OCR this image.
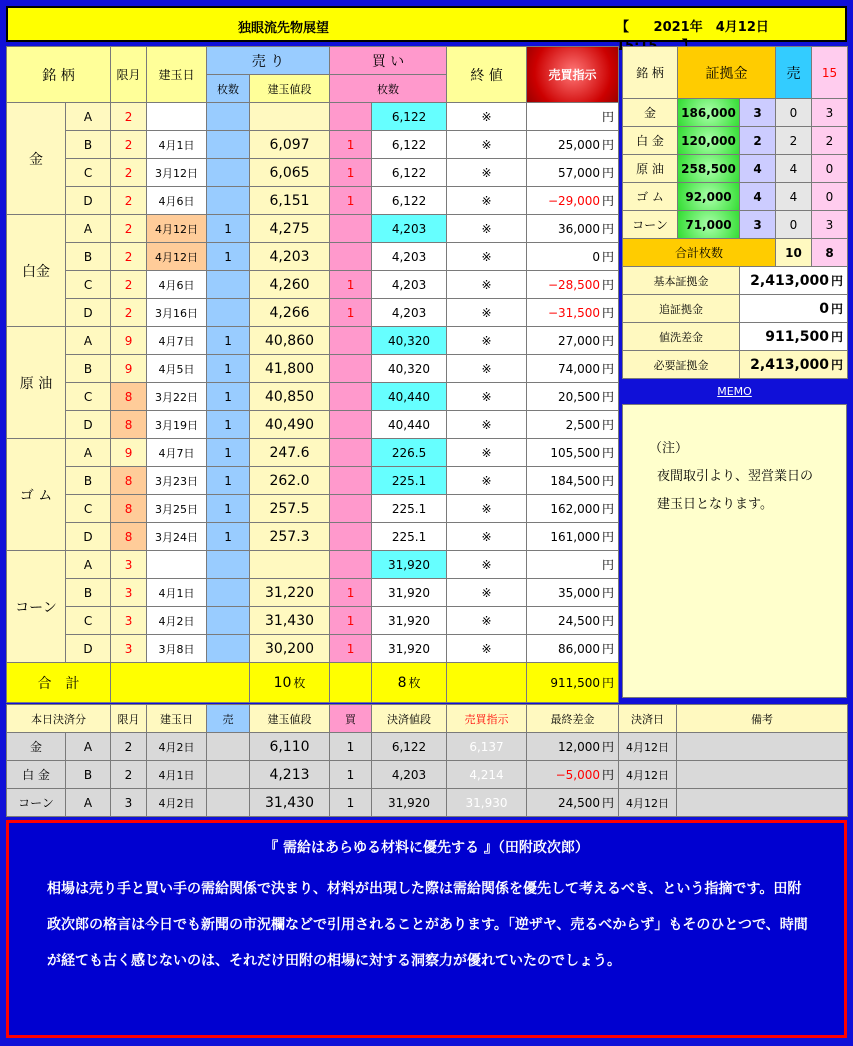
独眼流先物展望	【 2021年　4月12日　　
銘 柄		限月	建玉日	売 り		買 い		終 値	売買指示	
				枚数	建玉値段	枚数				
金	A	2					6,122	※	円	
	B	2	4月1日		6,097	1	6,122	※	25,000 円	
	C	2	3月12日		6,065	1	6,122	※	57,000 円	
	D	2	4月6日		6,151	1	6,122	※	−29,000 円	
白金	A	2	4月12日	1	4,275		4,203	※	36,000 円	
	B	2	4月12日	1	4,203		4,203	※	0 円	
	C	2	4月6日		4,260	1	4,203	※	−28,500 円	
	D	2	3月16日		4,266	1	4,203	※	−31,500 円	
原 油	A	9	4月7日	1	40,860		40,320	※	27,000 円	
	B	9	4月5日	1	41,800		40,320	※	74,000 円	
	C	8	3月22日	1	40,850		40,440	※	20,500 円	
	D	8	3月19日	1	40,490		40,440	※	2,500 円	
ゴ ム	A	9	4月7日	1	247.6		226.5	※	105,500 円	
	B	8	3月23日	1	262.0		225.1	※	184,500 円	
	C	8	3月25日	1	257.5		225.1	※	162,000 円	
	D	8	3月24日	1	257.3		225.1	※	161,000 円	
コーン	A	3					31,920	※	円	
	B	3	4月1日		31,220	1	31,920	※	35,000 円	
	C	3	4月2日		31,430	1	31,920	※	24,500 円	
	D	3	3月8日		30,200	1	31,920	※	86,000 円	
合　計					10 枚		8 枚		911,500 円	
銘 柄	証拠金		売	15
金	186,000	3	0	3
白 金	120,000	2	2	2
原 油	258,500	4	4	0
ゴ ム	92,000	4	4	0
コーン	71,000	3	0	3
合計枚数			10	8
基本証拠金		2,413,000 円		
追証拠金		0 円		
値洗差金		911,500 円		
必要証拠金		2,413,000 円		
MEMO
（注）
夜間取引より、翌営業日の
建玉日となります。
本日決済分		限月	建玉日	売	建玉値段	買	決済値段	売買指示	最終差金	決済日	備考
金	A	2	4月2日		6,110	1	6,122	6,137	12,000 円	4月12日	
白 金	B	2	4月1日		4,213	1	4,203	4,214	−5,000 円	4月12日	
コーン	A	3	4月2日		31,430	1	31,920	31,930	24,500 円	4月12日	
『 需給はあらゆる材料に優先する 』（田附政次郎）
相場は売り手と買い手の需給関係で決まり、材料が出現した際は需給関係を優先して考えるべき、という指摘です。田附政次郎の格言は今日でも新聞の市況欄などで引用されることがあります。「逆ザヤ、売るべからず」もそのひとつで、時間が経ても古く感じないのは、それだけ田附の相場に対する洞察力が優れていたのでしょう。
